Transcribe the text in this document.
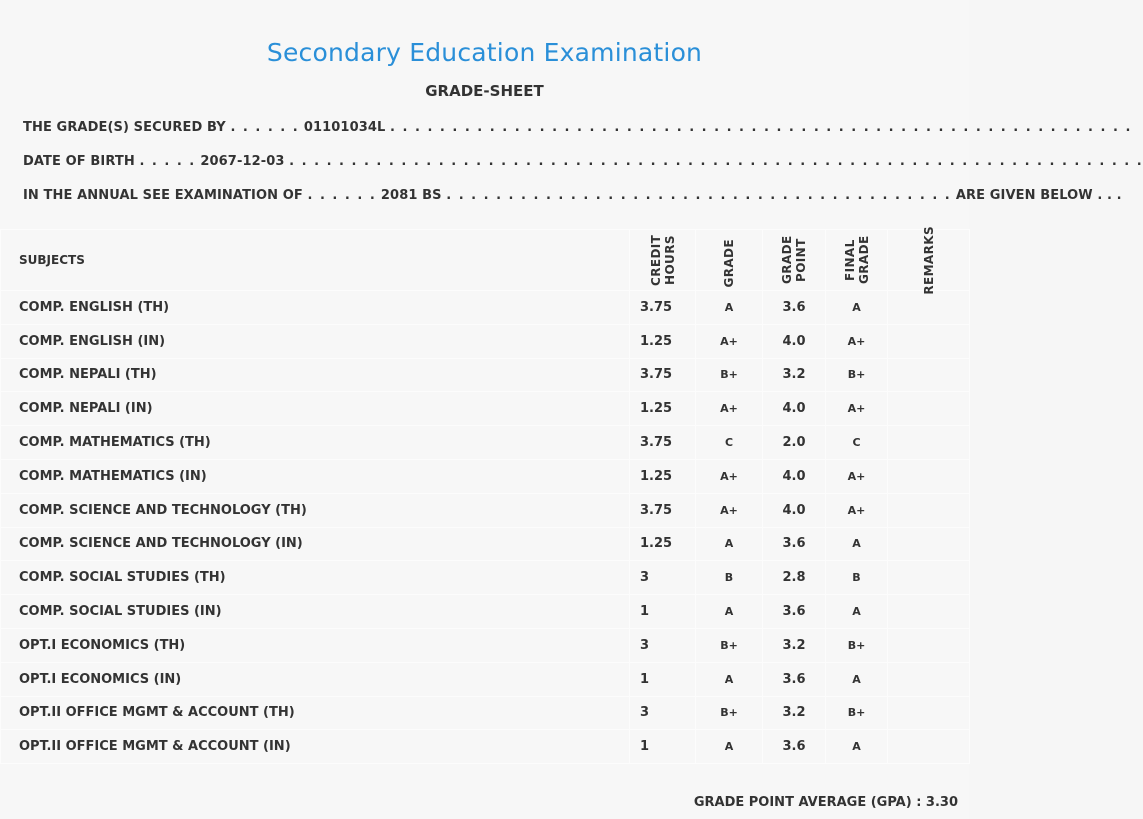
Secondary Education Examination
GRADE-SHEET
THE GRADE(S) SECURED BY . . . . . . 01101034L . . . . . . . . . . . . . . . . . . . . . . . . . . . . . . . . . . . . . . . . . . . . . . . . . . . . . . . . . . . .
DATE OF BIRTH . . . . . 2067-12-03 . . . . . . . . . . . . . . . . . . . . . . . . . . . . . . . . . . . . . . . . . . . . . . . . . . . . . . . . . . . . . . . . . . . . .
IN THE ANNUAL SEE EXAMINATION OF . . . . . . 2081 BS . . . . . . . . . . . . . . . . . . . . . . . . . . . . . . . . . . . . . . . . . ARE GIVEN BELOW . . .
SUBJECTS	CREDIT HOURS	GRADE	GRADE POINT	FINAL GRADE	REMARKS

COMP. ENGLISH (TH)	3.75	A	3.6	A	
COMP. ENGLISH (IN)	1.25	A+	4.0	A+	
COMP. NEPALI (TH)	3.75	B+	3.2	B+	
COMP. NEPALI (IN)	1.25	A+	4.0	A+	
COMP. MATHEMATICS (TH)	3.75	C	2.0	C	
COMP. MATHEMATICS (IN)	1.25	A+	4.0	A+	
COMP. SCIENCE AND TECHNOLOGY (TH)	3.75	A+	4.0	A+	
COMP. SCIENCE AND TECHNOLOGY (IN)	1.25	A	3.6	A	
COMP. SOCIAL STUDIES (TH)	3	B	2.8	B	
COMP. SOCIAL STUDIES (IN)	1	A	3.6	A	
OPT.I ECONOMICS (TH)	3	B+	3.2	B+	
OPT.I ECONOMICS (IN)	1	A	3.6	A	
OPT.II OFFICE MGMT & ACCOUNT (TH)	3	B+	3.2	B+	
OPT.II OFFICE MGMT & ACCOUNT (IN)	1	A	3.6	A	
GRADE POINT AVERAGE (GPA) : 3.30
